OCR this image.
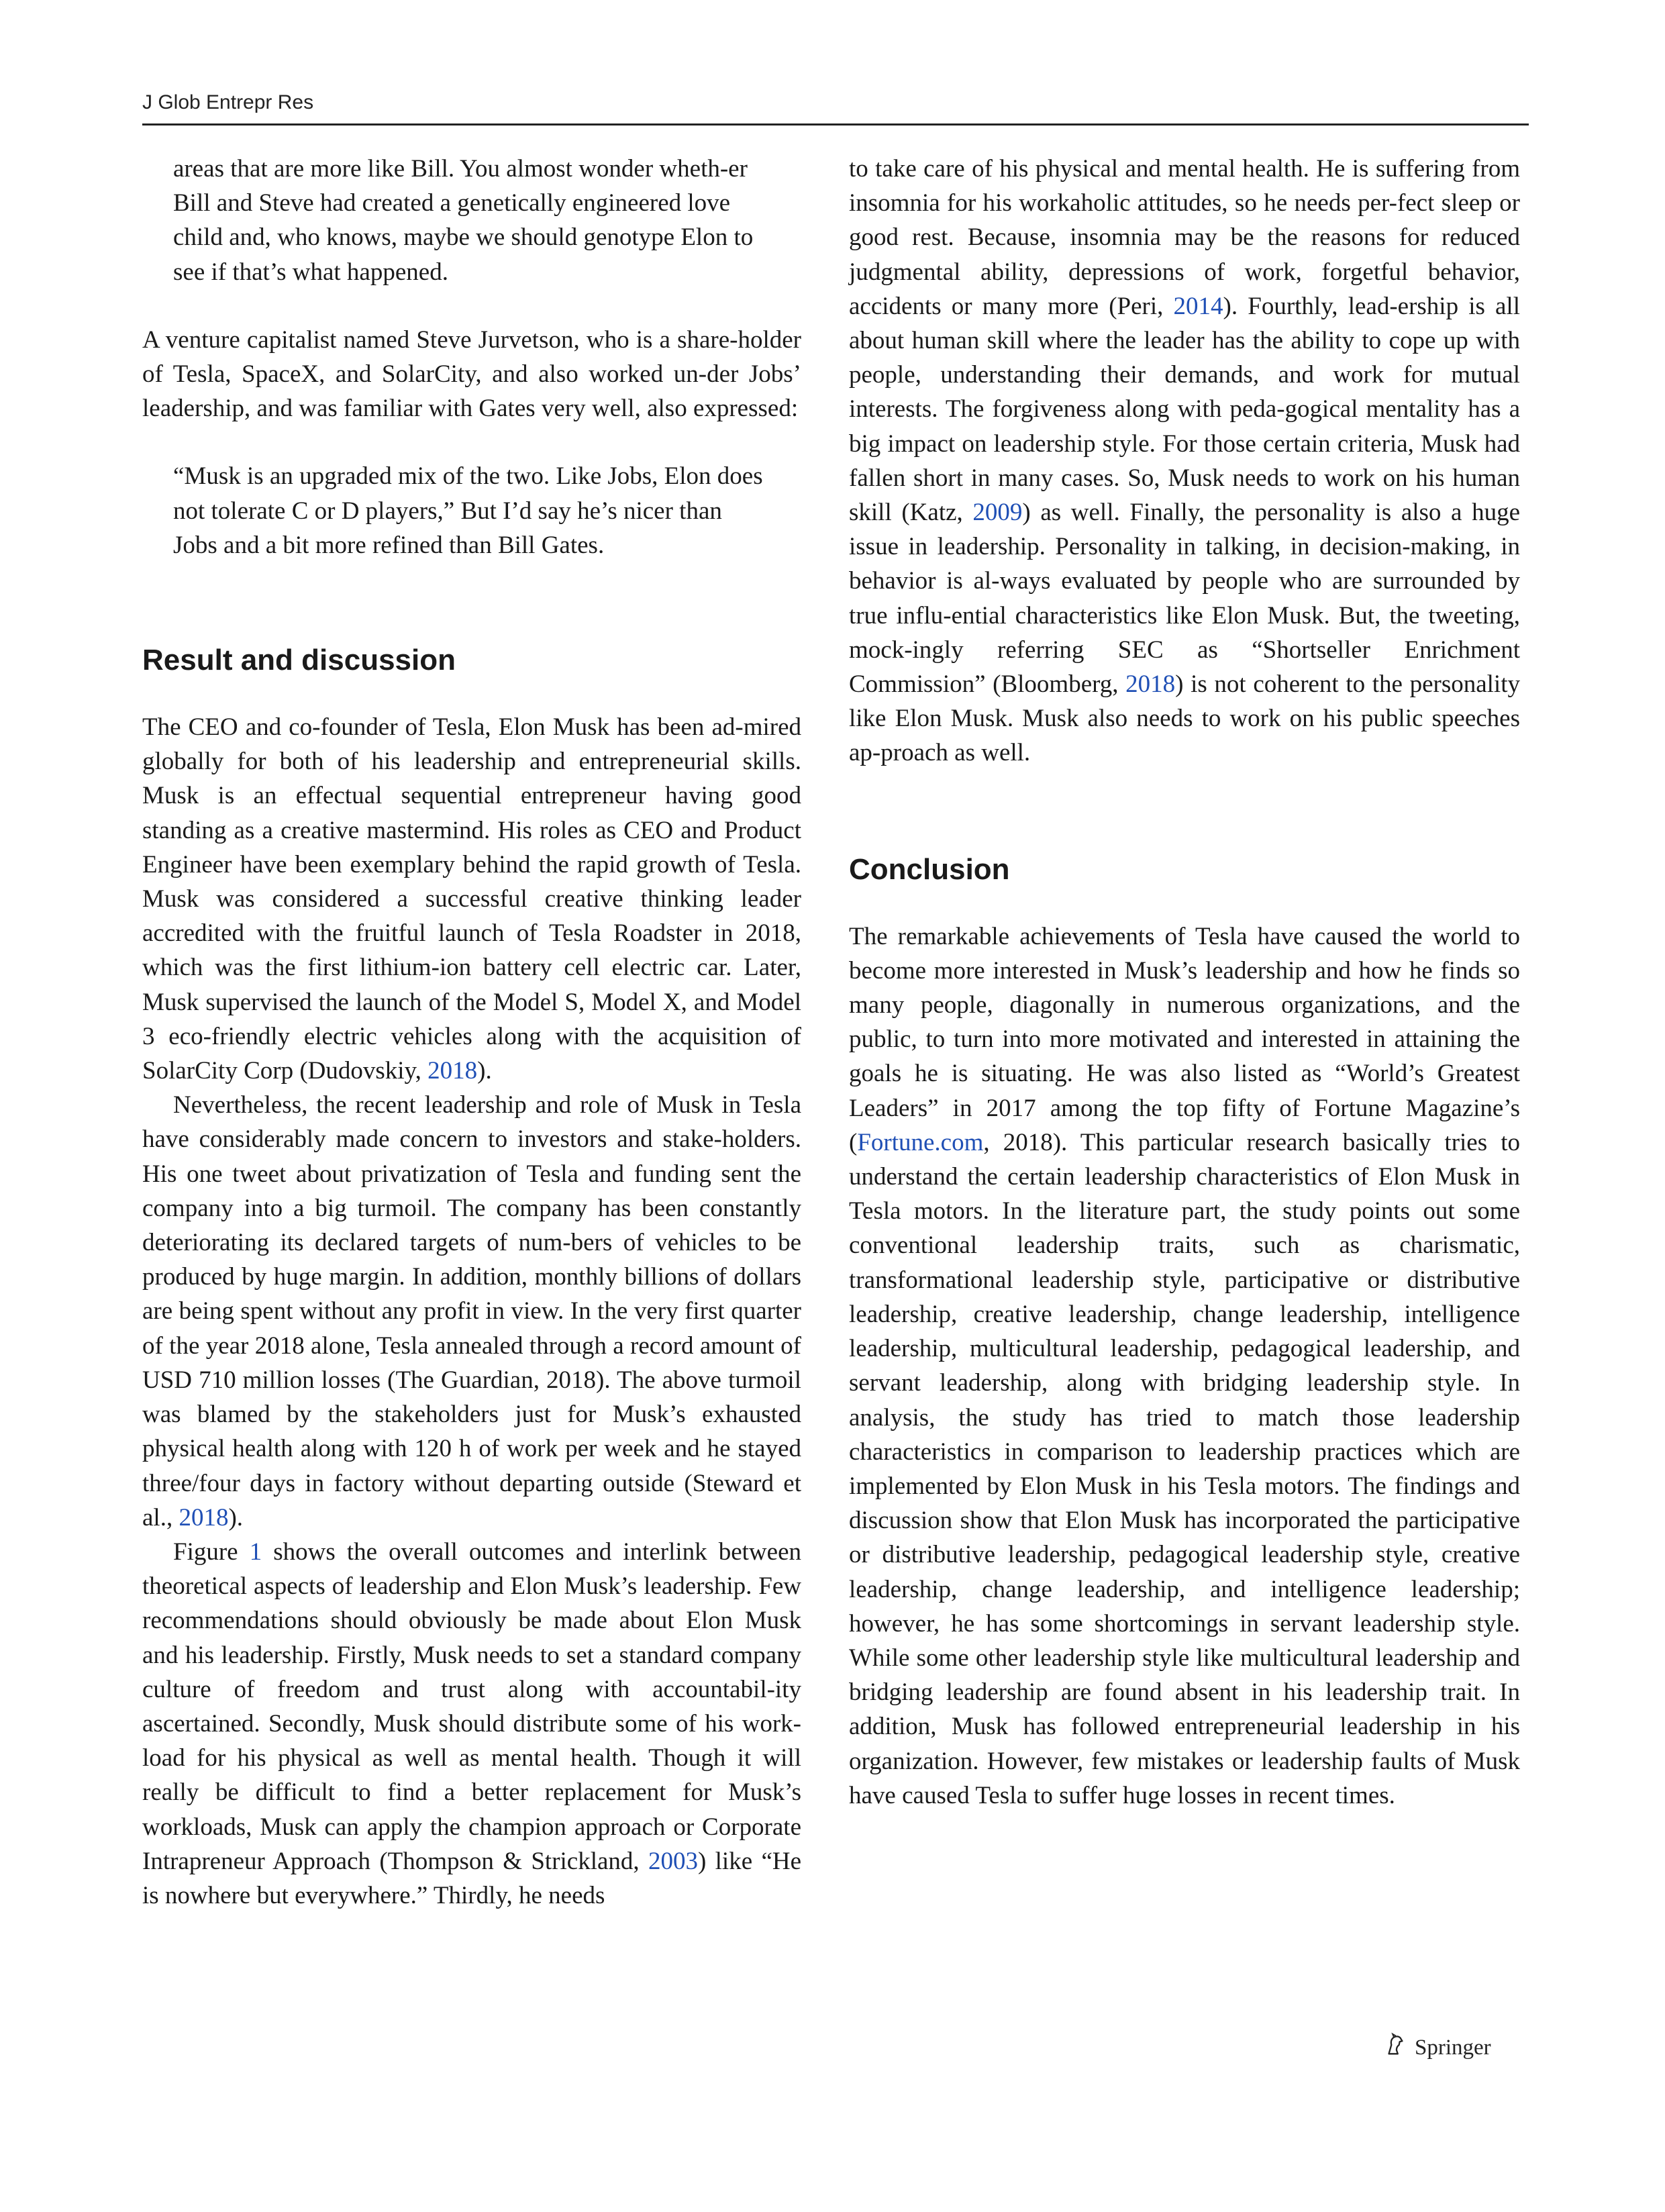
J Glob Entrepr Res

areas that are more like Bill. You almost wonder wheth-er Bill and Steve had created a genetically engineered love child and, who knows, maybe we should genotype Elon to see if that’s what happened.

A venture capitalist named Steve Jurvetson, who is a share-holder of Tesla, SpaceX, and SolarCity, and also worked un-der Jobs’ leadership, and was familiar with Gates very well, also expressed:

“Musk is an upgraded mix of the two. Like Jobs, Elon does not tolerate C or D players,” But I’d say he’s nicer than Jobs and a bit more refined than Bill Gates.

Result and discussion

The CEO and co-founder of Tesla, Elon Musk has been ad-mired globally for both of his leadership and entrepreneurial skills. Musk is an effectual sequential entrepreneur having good standing as a creative mastermind. His roles as CEO and Product Engineer have been exemplary behind the rapid growth of Tesla. Musk was considered a successful creative thinking leader accredited with the fruitful launch of Tesla Roadster in 2018, which was the first lithium-ion battery cell electric car. Later, Musk supervised the launch of the Model S, Model X, and Model 3 eco-friendly electric vehicles along with the acquisition of SolarCity Corp (Dudovskiy, 2018).

Nevertheless, the recent leadership and role of Musk in Tesla have considerably made concern to investors and stake-holders. His one tweet about privatization of Tesla and funding sent the company into a big turmoil. The company has been constantly deteriorating its declared targets of num-bers of vehicles to be produced by huge margin. In addition, monthly billions of dollars are being spent without any profit in view. In the very first quarter of the year 2018 alone, Tesla annealed through a record amount of USD 710 million losses (The Guardian, 2018). The above turmoil was blamed by the stakeholders just for Musk’s exhausted physical health along with 120 h of work per week and he stayed three/four days in factory without departing outside (Steward et al., 2018).

Figure 1 shows the overall outcomes and interlink between theoretical aspects of leadership and Elon Musk’s leadership. Few recommendations should obviously be made about Elon Musk and his leadership. Firstly, Musk needs to set a standard company culture of freedom and trust along with accountabil-ity ascertained. Secondly, Musk should distribute some of his work-load for his physical as well as mental health. Though it will really be difficult to find a better replacement for Musk’s workloads, Musk can apply the champion approach or Corporate Intrapreneur Approach (Thompson & Strickland, 2003) like “He is nowhere but everywhere.” Thirdly, he needs

to take care of his physical and mental health. He is suffering from insomnia for his workaholic attitudes, so he needs per-fect sleep or good rest. Because, insomnia may be the reasons for reduced judgmental ability, depressions of work, forgetful behavior, accidents or many more (Peri, 2014). Fourthly, lead-ership is all about human skill where the leader has the ability to cope up with people, understanding their demands, and work for mutual interests. The forgiveness along with peda-gogical mentality has a big impact on leadership style. For those certain criteria, Musk had fallen short in many cases. So, Musk needs to work on his human skill (Katz, 2009) as well. Finally, the personality is also a huge issue in leadership. Personality in talking, in decision-making, in behavior is al-ways evaluated by people who are surrounded by true influ-ential characteristics like Elon Musk. But, the tweeting, mock-ingly referring SEC as “Shortseller Enrichment Commission” (Bloomberg, 2018) is not coherent to the personality like Elon Musk. Musk also needs to work on his public speeches ap-proach as well.

Conclusion

The remarkable achievements of Tesla have caused the world to become more interested in Musk’s leadership and how he finds so many people, diagonally in numerous organizations, and the public, to turn into more motivated and interested in attaining the goals he is situating. He was also listed as “World’s Greatest Leaders” in 2017 among the top fifty of Fortune Magazine’s (Fortune.com, 2018). This particular research basically tries to understand the certain leadership characteristics of Elon Musk in Tesla motors. In the literature part, the study points out some conventional leadership traits, such as charismatic, transformational leadership style, participative or distributive leadership, creative leadership, change leadership, intelligence leadership, multicultural leadership, pedagogical leadership, and servant leadership, along with bridging leadership style. In analysis, the study has tried to match those leadership characteristics in comparison to leadership practices which are implemented by Elon Musk in his Tesla motors. The findings and discussion show that Elon Musk has incorporated the participative or distributive leadership, pedagogical leadership style, creative leadership, change leadership, and intelligence leadership; however, he has some shortcomings in servant leadership style. While some other leadership style like multicultural leadership and bridging leadership are found absent in his leadership trait. In addition, Musk has followed entrepreneurial leadership in his organization. However, few mistakes or leadership faults of Musk have caused Tesla to suffer huge losses in recent times.

Springer
